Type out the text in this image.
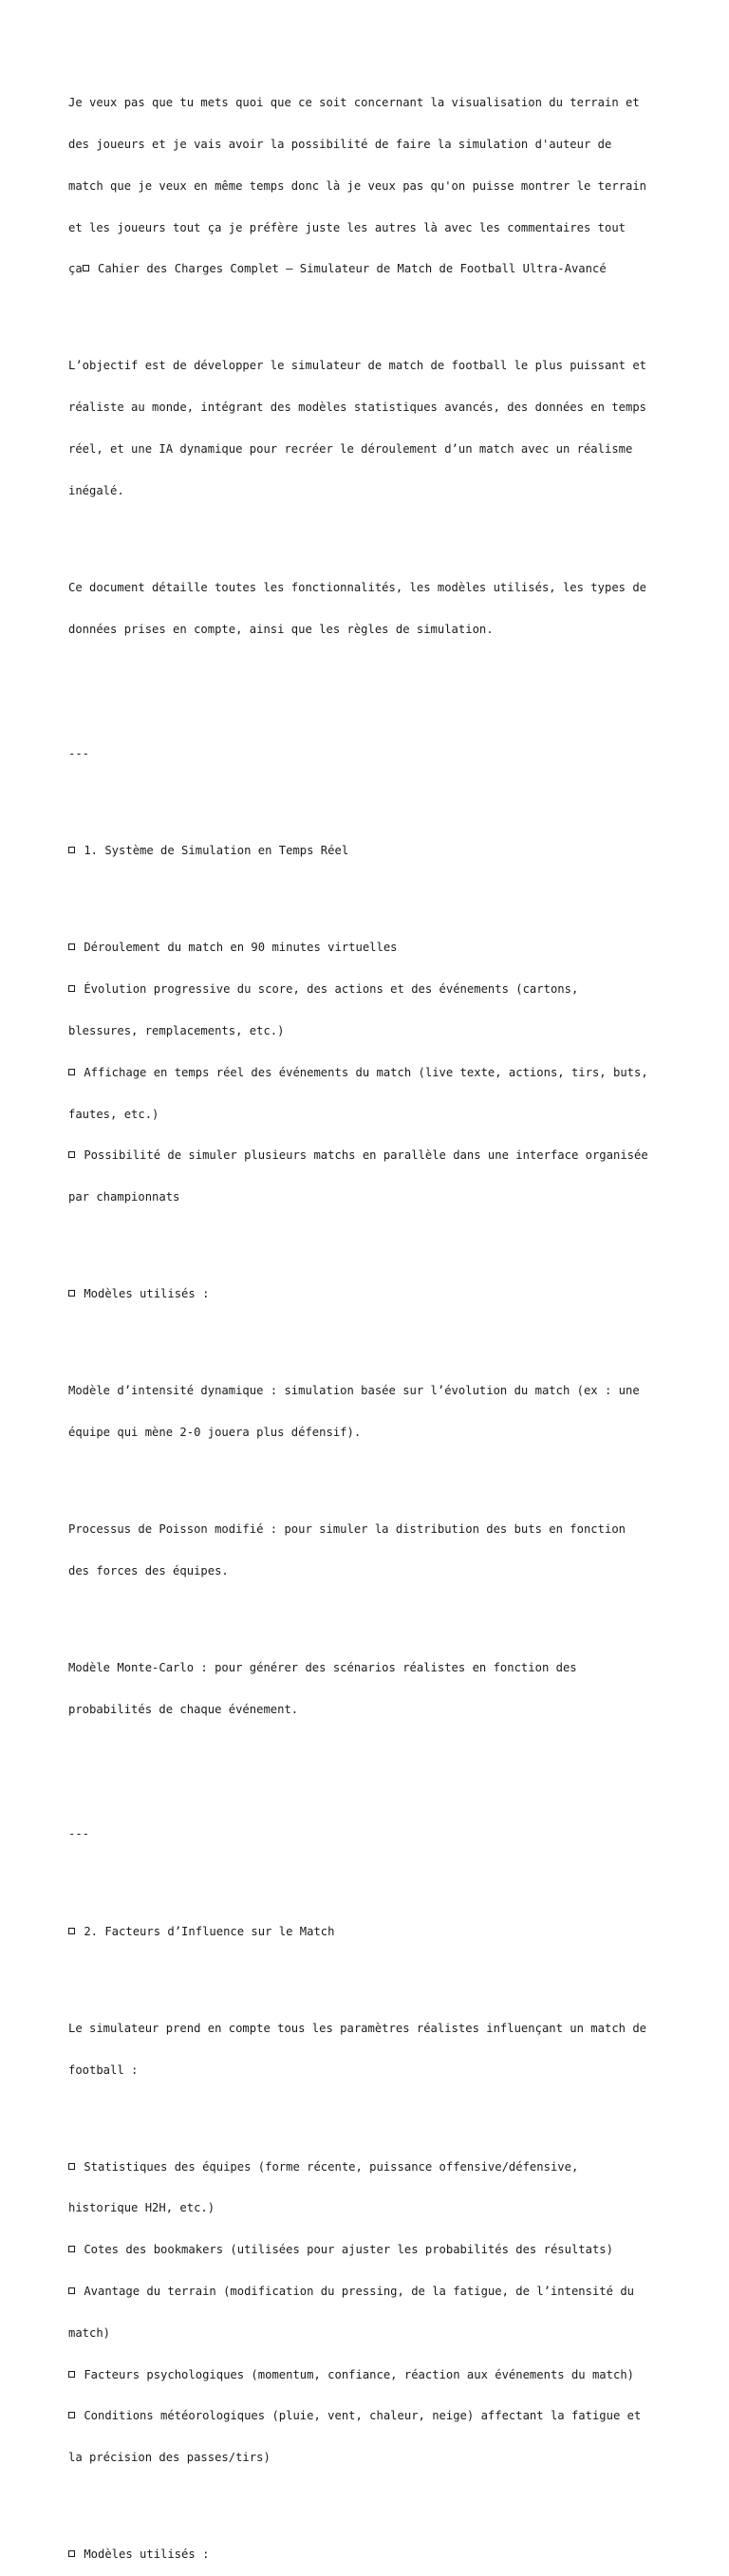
Je veux pas que tu mets quoi que ce soit concernant la visualisation du terrain et

des joueurs et je vais avoir la possibilité de faire la simulation d'auteur de

match que je veux en même temps donc là je veux pas qu'on puisse montrer le terrain

et les joueurs tout ça je préfère juste les autres là avec les commentaires tout

ça Cahier des Charges Complet – Simulateur de Match de Football Ultra-Avancé

L’objectif est de développer le simulateur de match de football le plus puissant et

réaliste au monde, intégrant des modèles statistiques avancés, des données en temps

réel, et une IA dynamique pour recréer le déroulement d’un match avec un réalisme

inégalé.

Ce document détaille toutes les fonctionnalités, les modèles utilisés, les types de

données prises en compte, ainsi que les règles de simulation.

---

1. Système de Simulation en Temps Réel

Déroulement du match en 90 minutes virtuelles

Évolution progressive du score, des actions et des événements (cartons,

blessures, remplacements, etc.)

Affichage en temps réel des événements du match (live texte, actions, tirs, buts,

fautes, etc.)

Possibilité de simuler plusieurs matchs en parallèle dans une interface organisée

par championnats

Modèles utilisés :

Modèle d’intensité dynamique : simulation basée sur l’évolution du match (ex : une

équipe qui mène 2-0 jouera plus défensif).

Processus de Poisson modifié : pour simuler la distribution des buts en fonction

des forces des équipes.

Modèle Monte-Carlo : pour générer des scénarios réalistes en fonction des

probabilités de chaque événement.

---

2. Facteurs d’Influence sur le Match

Le simulateur prend en compte tous les paramètres réalistes influençant un match de

football :

Statistiques des équipes (forme récente, puissance offensive/défensive,

historique H2H, etc.)

Cotes des bookmakers (utilisées pour ajuster les probabilités des résultats)

Avantage du terrain (modification du pressing, de la fatigue, de l’intensité du

match)

Facteurs psychologiques (momentum, confiance, réaction aux événements du match)

Conditions météorologiques (pluie, vent, chaleur, neige) affectant la fatigue et

la précision des passes/tirs)

Modèles utilisés :
